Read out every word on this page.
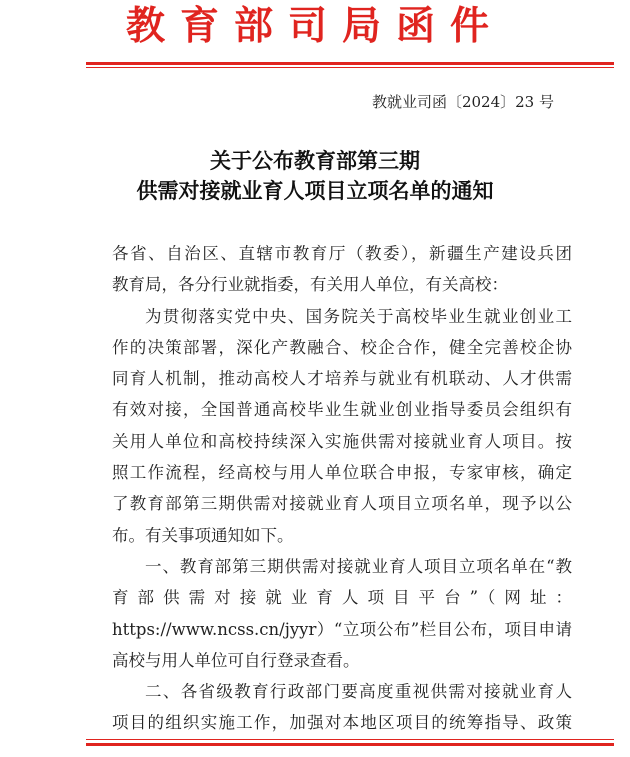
教育部司局函件
教就业司函〔2024〕23 号
关于公布教育部第三期
供需对接就业育人项目立项名单的通知
各省、自治区、直辖市教育厅（教委），新疆生产建设兵团
教育局，各分行业就指委，有关用人单位，有关高校：
为贯彻落实党中央、国务院关于高校毕业生就业创业工
作的决策部署，深化产教融合、校企合作，健全完善校企协
同育人机制，推动高校人才培养与就业有机联动、人才供需
有效对接，全国普通高校毕业生就业创业指导委员会组织有
关用人单位和高校持续深入实施供需对接就业育人项目。按
照工作流程，经高校与用人单位联合申报，专家审核，确定
了教育部第三期供需对接就业育人项目立项名单，现予以公
布。有关事项通知如下。
一、教育部第三期供需对接就业育人项目立项名单在“教
育部供需对接就业育人项目平台”（网址：
https://www.ncss.cn/jyyr）“立项公布”栏目公布，项目申请
高校与用人单位可自行登录查看。
二、各省级教育行政部门要高度重视供需对接就业育人
项目的组织实施工作，加强对本地区项目的统筹指导、政策
